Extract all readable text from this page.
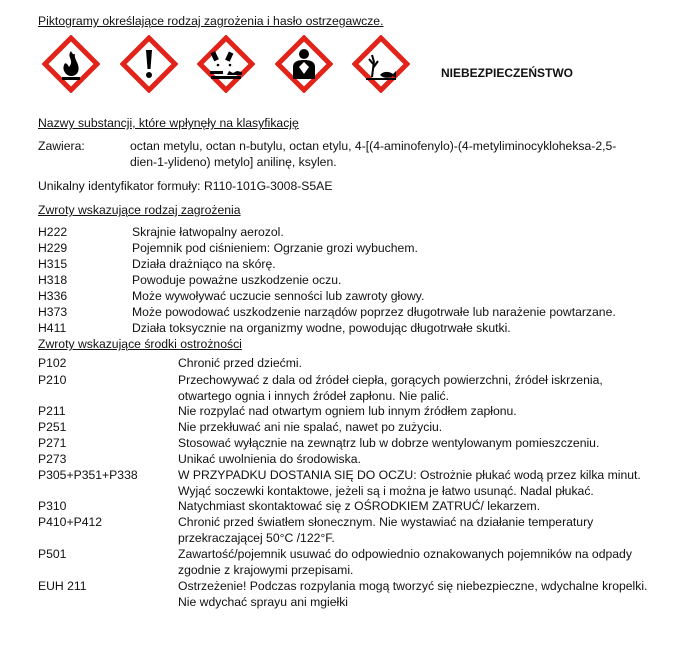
Piktogramy określające rodzaj zagrożenia i hasło ostrzegawcze.
NIEBEZPIECZEŃSTWO
Nazwy substancji, które wpłynęły na klasyfikację
Zawiera:	octan metylu, octan n-butylu, octan etylu, 4-[(4-aminofenylo)-(4-metyliminocykloheksa-2,5-
dien-1-ylideno) metylo] anilinę, ksylen.
Unikalny identyfikator formuły: R110-101G-3008-S5AE
Zwroty wskazujące rodzaj zagrożenia
H222	Skrajnie łatwopalny aerozol.
H229	Pojemnik pod ciśnieniem: Ogrzanie grozi wybuchem.
H315	Działa drażniąco na skórę.
H318	Powoduje poważne uszkodzenie oczu.
H336	Może wywoływać uczucie senności lub zawroty głowy.
H373	Może powodować uszkodzenie narządów poprzez długotrwałe lub narażenie powtarzane.
H411	Działa toksycznie na organizmy wodne, powodując długotrwałe skutki.
Zwroty wskazujące środki ostrożności
P102	Chronić przed dziećmi.
P210	Przechowywać z dala od źródeł ciepła, gorących powierzchni, źródeł iskrzenia,
otwartego ognia i innych źródeł zapłonu. Nie palić.
P211	Nie rozpylać nad otwartym ogniem lub innym źródłem zapłonu.
P251	Nie przekłuwać ani nie spalać, nawet po zużyciu.
P271	Stosować wyłącznie na zewnątrz lub w dobrze wentylowanym pomieszczeniu.
P273	Unikać uwolnienia do środowiska.
P305+P351+P338	W PRZYPADKU DOSTANIA SIĘ DO OCZU: Ostrożnie płukać wodą przez kilka minut.
Wyjąć soczewki kontaktowe, jeżeli są i można je łatwo usunąć. Nadal płukać.
P310	Natychmiast skontaktować się z OŚRODKIEM ZATRUĆ/ lekarzem.
P410+P412	Chronić przed światłem słonecznym. Nie wystawiać na działanie temperatury
przekraczającej 50°C /122°F.
P501	Zawartość/pojemnik usuwać do odpowiednio oznakowanych pojemników na odpady
zgodnie z krajowymi przepisami.
EUH 211	Ostrzeżenie! Podczas rozpylania mogą tworzyć się niebezpieczne, wdychalne kropelki.
Nie wdychać sprayu ani mgiełki
